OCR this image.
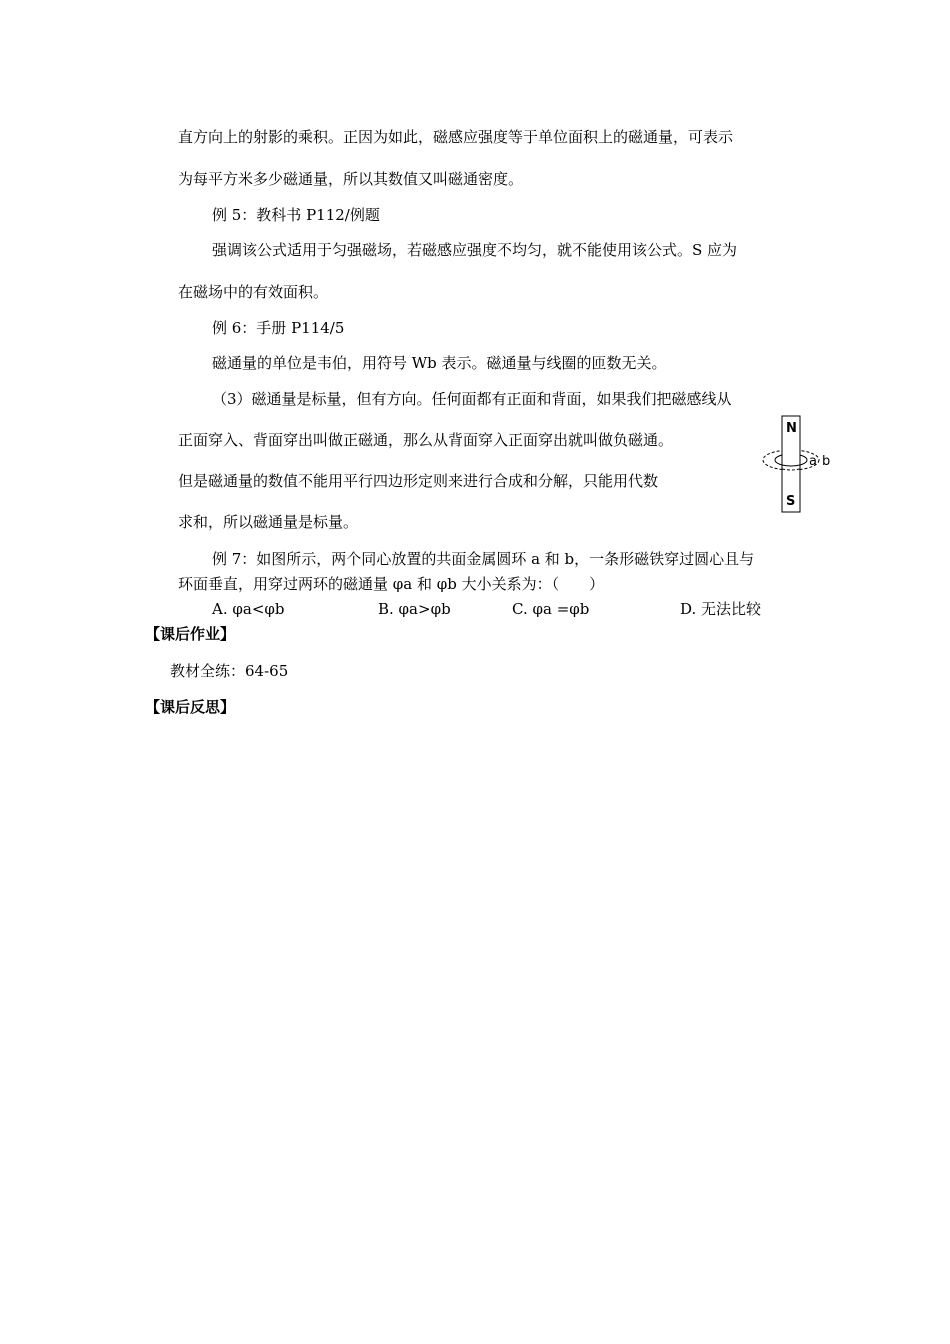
直方向上的射影的乘积。正因为如此，磁感应强度等于单位面积上的磁通量，可表示
为每平方米多少磁通量，所以其数值又叫磁通密度。
例 5：教科书 P112/例题
强调该公式适用于匀强磁场，若磁感应强度不均匀，就不能使用该公式。S 应为
在磁场中的有效面积。
例 6：手册 P114/5
磁通量的单位是韦伯，用符号 Wb 表示。磁通量与线圈的匝数无关。
（3）磁通量是标量，但有方向。任何面都有正面和背面，如果我们把磁感线从
正面穿入、背面穿出叫做正磁通，那么从背面穿入正面穿出就叫做负磁通。
但是磁通量的数值不能用平行四边形定则来进行合成和分解，只能用代数
求和，所以磁通量是标量。
例 7：如图所示，两个同心放置的共面金属圆环 a 和 b，一条形磁铁穿过圆心且与
环面垂直，用穿过两环的磁通量 φa 和 φb 大小关系为：（　　）
A. φa<φb	B. φa>φb	C. φa =φb	D. 无法比较
【课后作业】
教材全练：64-65
【课后反思】
N
S
a b
